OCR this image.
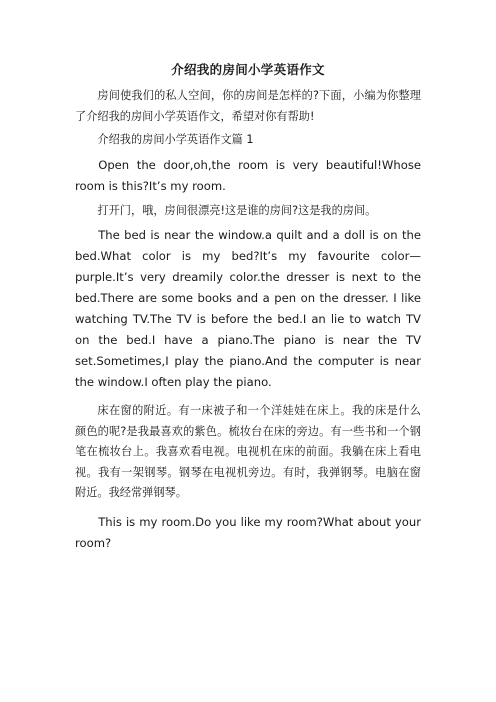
介绍我的房间小学英语作文

房间使我们的私人空间，你的房间是怎样的?下面，小编为你整理了介绍我的房间小学英语作文，希望对你有帮助!

介绍我的房间小学英语作文篇 1

Open the door,oh,the room is very beautiful!Whose room is this?It’s my room.

打开门，哦，房间很漂亮!这是谁的房间?这是我的房间。

The bed is near the window.a quilt and a doll is on the bed.What color is my bed?It’s my favourite color—purple.It’s very dreamily color.the dresser is next to the bed.There are some books and a pen on the dresser. I like watching TV.The TV is before the bed.I an lie to watch TV on the bed.I have a piano.The piano is near the TV set.Sometimes,I play the piano.And the computer is near the window.I often play the piano.

床在窗的附近。有一床被子和一个洋娃娃在床上。我的床是什么颜色的呢?是我最喜欢的紫色。梳妆台在床的旁边。有一些书和一个钢笔在梳妆台上。我喜欢看电视。电视机在床的前面。我躺在床上看电视。我有一架钢琴。钢琴在电视机旁边。有时，我弹钢琴。电脑在窗附近。我经常弹钢琴。

This is my room.Do you like my room?What about your room?
